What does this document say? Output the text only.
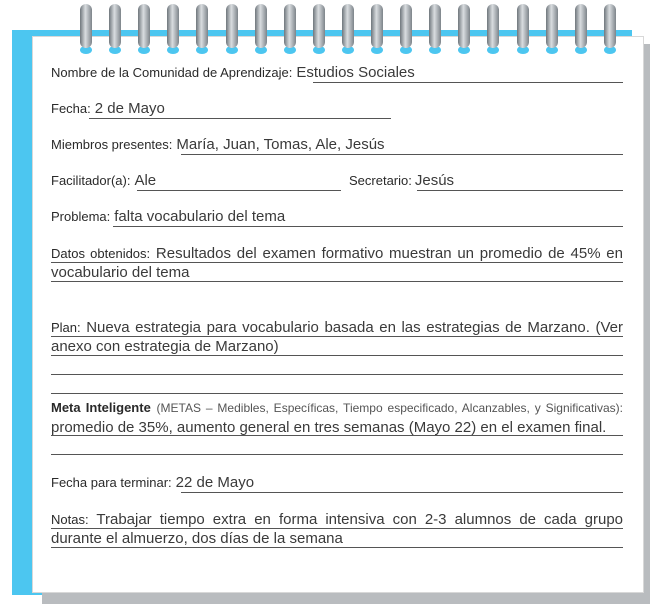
Nombre de la Comunidad de Aprendizaje: Estudios Sociales
Fecha: 2 de Mayo
Miembros presentes: María, Juan, Tomas, Ale, Jesús
Facilitador(a): Ale	Secretario: Jesús
Problema: falta vocabulario del tema

Datos obtenidos: Resultados del examen formativo muestran un promedio de 45% en vocabulario del tema

Plan: Nueva estrategia para vocabulario basada en las estrategias de Marzano. (Ver anexo con estrategia de Marzano)

Meta Inteligente (METAS – Medibles, Específicas, Tiempo especificado, Alcanzables, y Significativas): promedio de 35%, aumento general en tres semanas (Mayo 22) en el examen final.

Fecha para terminar: 22 de Mayo

Notas: Trabajar tiempo extra en forma intensiva con 2-3 alumnos de cada grupo durante el almuerzo, dos días de la semana
